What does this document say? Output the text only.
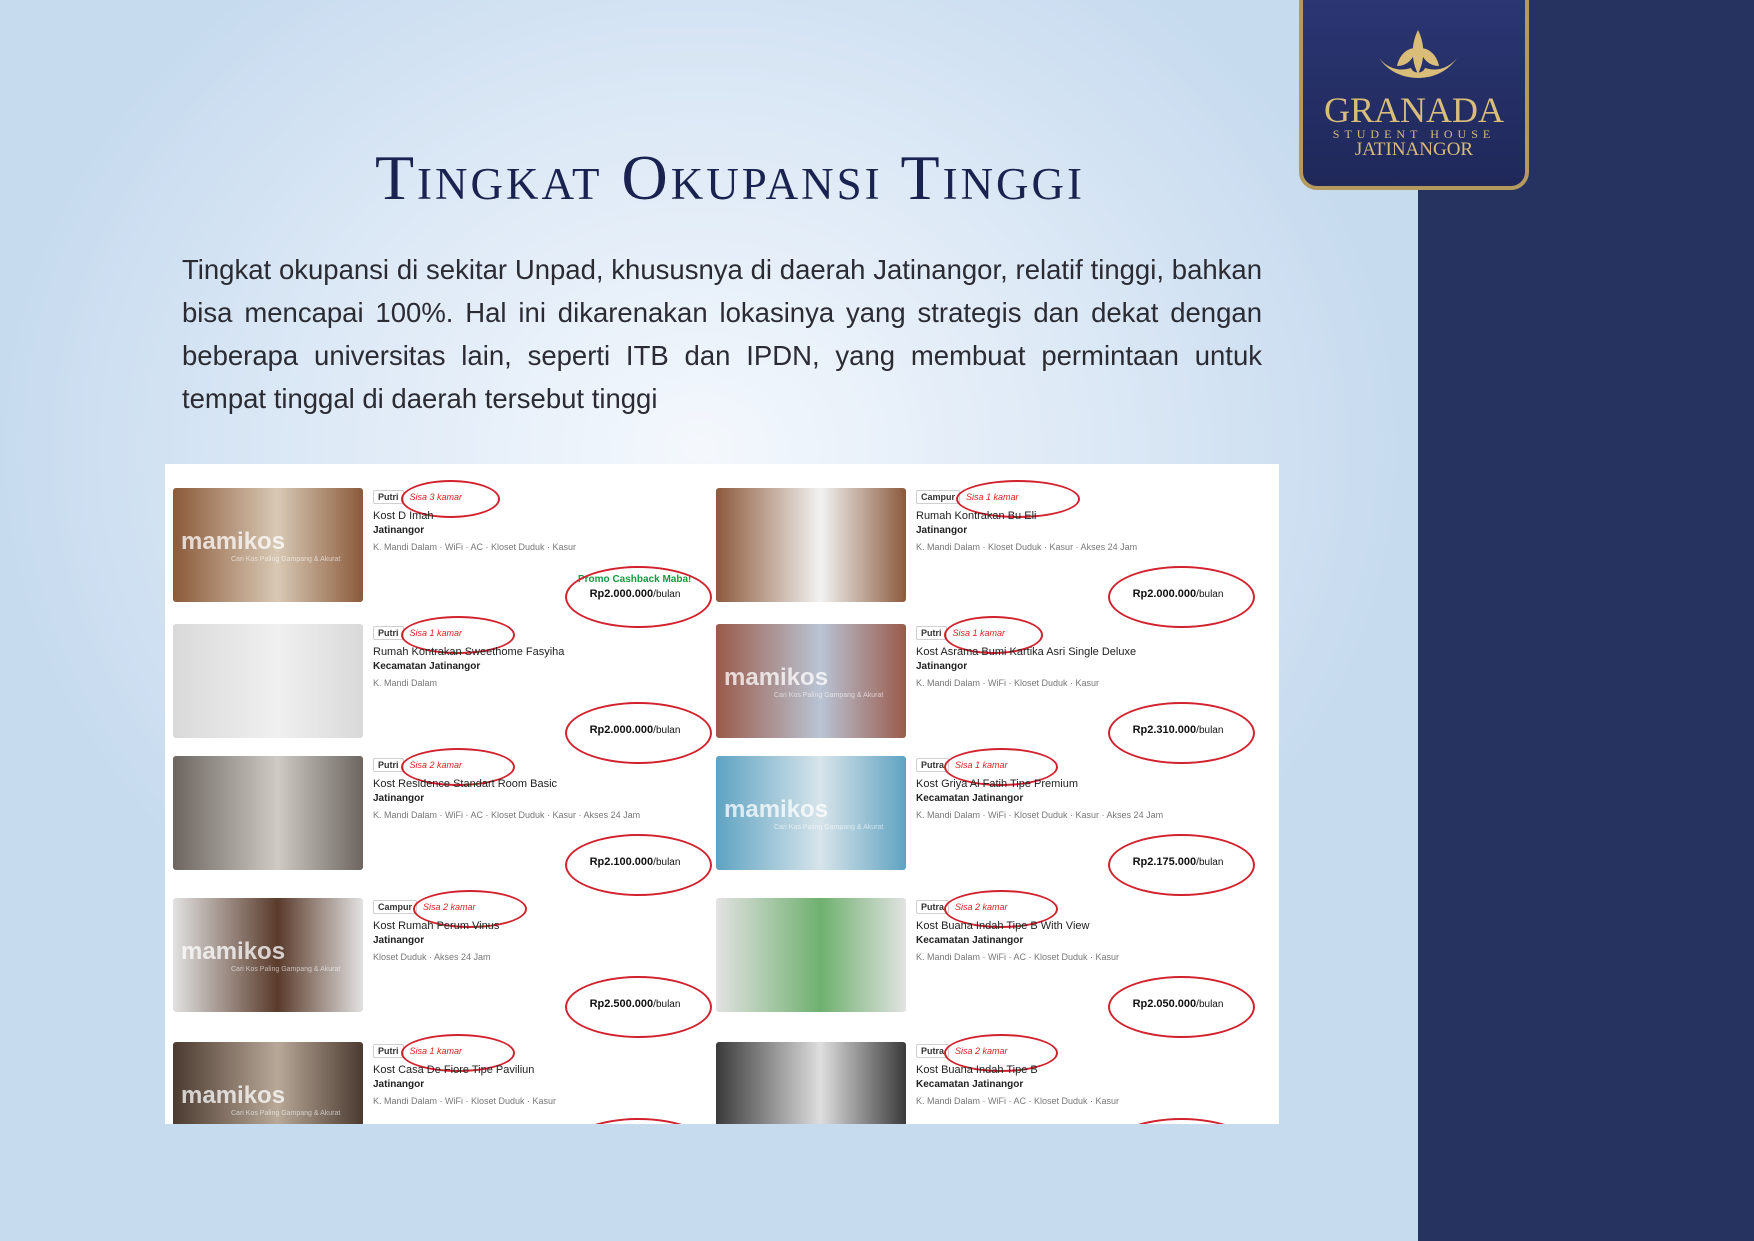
GRANADA
STUDENT HOUSE
JATINANGOR
Tingkat Okupansi Tinggi
Tingkat okupansi di sekitar Unpad, khususnya di daerah Jatinangor, relatif tinggi, bahkan bisa mencapai 100%. Hal ini dikarenakan lokasinya yang strategis dan dekat dengan beberapa universitas lain, seperti ITB dan IPDN, yang membuat permintaan untuk tempat tinggal di daerah tersebut tinggi
mamikos
Cari Kos Paling Gampang & Akurat
Putri Sisa 3 kamar
Kost D Imah
Jatinangor
K. Mandi Dalam · WiFi · AC · Kloset Duduk · Kasur
Promo Cashback Maba!
Rp2.000.000/bulan
Putri Sisa 1 kamar
Rumah Kontrakan Sweethome Fasyiha
Kecamatan Jatinangor
K. Mandi Dalam
Rp2.000.000/bulan
Putri Sisa 2 kamar
Kost Residence Standart Room Basic
Jatinangor
K. Mandi Dalam · WiFi · AC · Kloset Duduk · Kasur · Akses 24 Jam
Rp2.100.000/bulan
mamikos
Cari Kos Paling Gampang & Akurat
Campur Sisa 2 kamar
Kost Rumah Perum Vinus
Jatinangor
Kloset Duduk · Akses 24 Jam
Rp2.500.000/bulan
mamikos
Cari Kos Paling Gampang & Akurat
Putri Sisa 1 kamar
Kost Casa De Fiore Tipe Paviliun
Jatinangor
K. Mandi Dalam · WiFi · Kloset Duduk · Kasur
Campur Sisa 1 kamar
Rumah Kontrakan Bu Eli
Jatinangor
K. Mandi Dalam · Kloset Duduk · Kasur · Akses 24 Jam
Rp2.000.000/bulan
mamikos
Cari Kos Paling Gampang & Akurat
Putri Sisa 1 kamar
Kost Asrama Bumi Kartika Asri Single Deluxe
Jatinangor
K. Mandi Dalam · WiFi · Kloset Duduk · Kasur
Rp2.310.000/bulan
mamikos
Cari Kos Paling Gampang & Akurat
Putra Sisa 1 kamar
Kost Griya Al Fatih Tipe Premium
Kecamatan Jatinangor
K. Mandi Dalam · WiFi · Kloset Duduk · Kasur · Akses 24 Jam
Rp2.175.000/bulan
Putra Sisa 2 kamar
Kost Buana Indah Tipe B With View
Kecamatan Jatinangor
K. Mandi Dalam · WiFi · AC · Kloset Duduk · Kasur
Rp2.050.000/bulan
Putra Sisa 2 kamar
Kost Buana Indah Tipe B
Kecamatan Jatinangor
K. Mandi Dalam · WiFi · AC · Kloset Duduk · Kasur
